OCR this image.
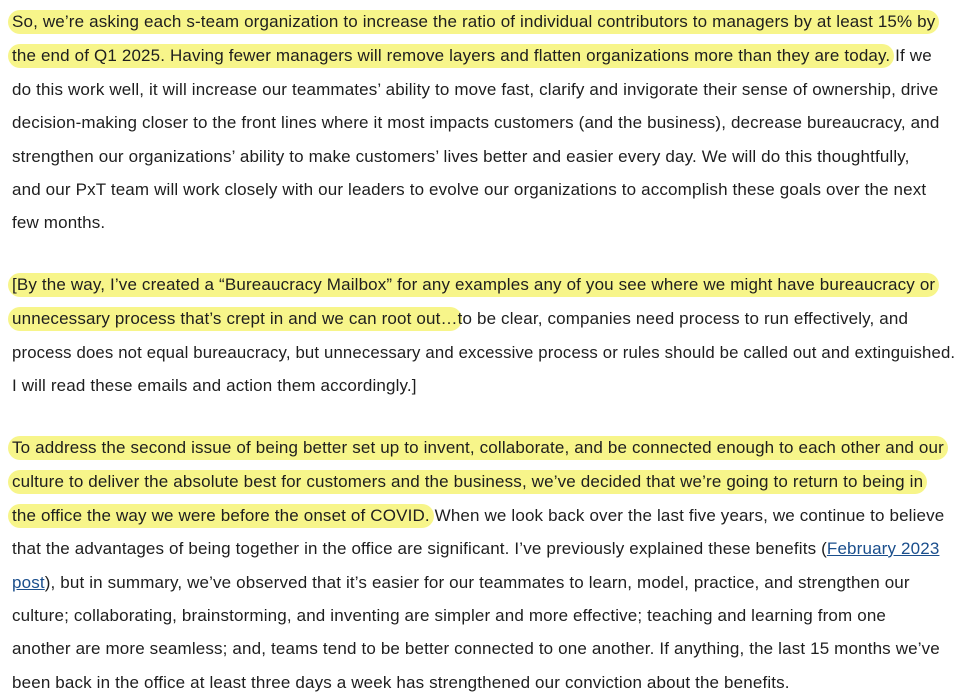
So, we’re asking each s-team organization to increase the ratio of individual contributors to managers by at least 15% by
the end of Q1 2025. Having fewer managers will remove layers and flatten organizations more than they are today. If we
do this work well, it will increase our teammates’ ability to move fast, clarify and invigorate their sense of ownership, drive
decision-making closer to the front lines where it most impacts customers (and the business), decrease bureaucracy, and
strengthen our organizations’ ability to make customers’ lives better and easier every day. We will do this thoughtfully,
and our PxT team will work closely with our leaders to evolve our organizations to accomplish these goals over the next
few months.
[By the way, I’ve created a “Bureaucracy Mailbox” for any examples any of you see where we might have bureaucracy or
unnecessary process that’s crept in and we can root out…to be clear, companies need process to run effectively, and
process does not equal bureaucracy, but unnecessary and excessive process or rules should be called out and extinguished.
I will read these emails and action them accordingly.]
To address the second issue of being better set up to invent, collaborate, and be connected enough to each other and our
culture to deliver the absolute best for customers and the business, we’ve decided that we’re going to return to being in
the office the way we were before the onset of COVID. When we look back over the last five years, we continue to believe
that the advantages of being together in the office are significant. I’ve previously explained these benefits (February 2023
post), but in summary, we’ve observed that it’s easier for our teammates to learn, model, practice, and strengthen our
culture; collaborating, brainstorming, and inventing are simpler and more effective; teaching and learning from one
another are more seamless; and, teams tend to be better connected to one another. If anything, the last 15 months we’ve
been back in the office at least three days a week has strengthened our conviction about the benefits.
